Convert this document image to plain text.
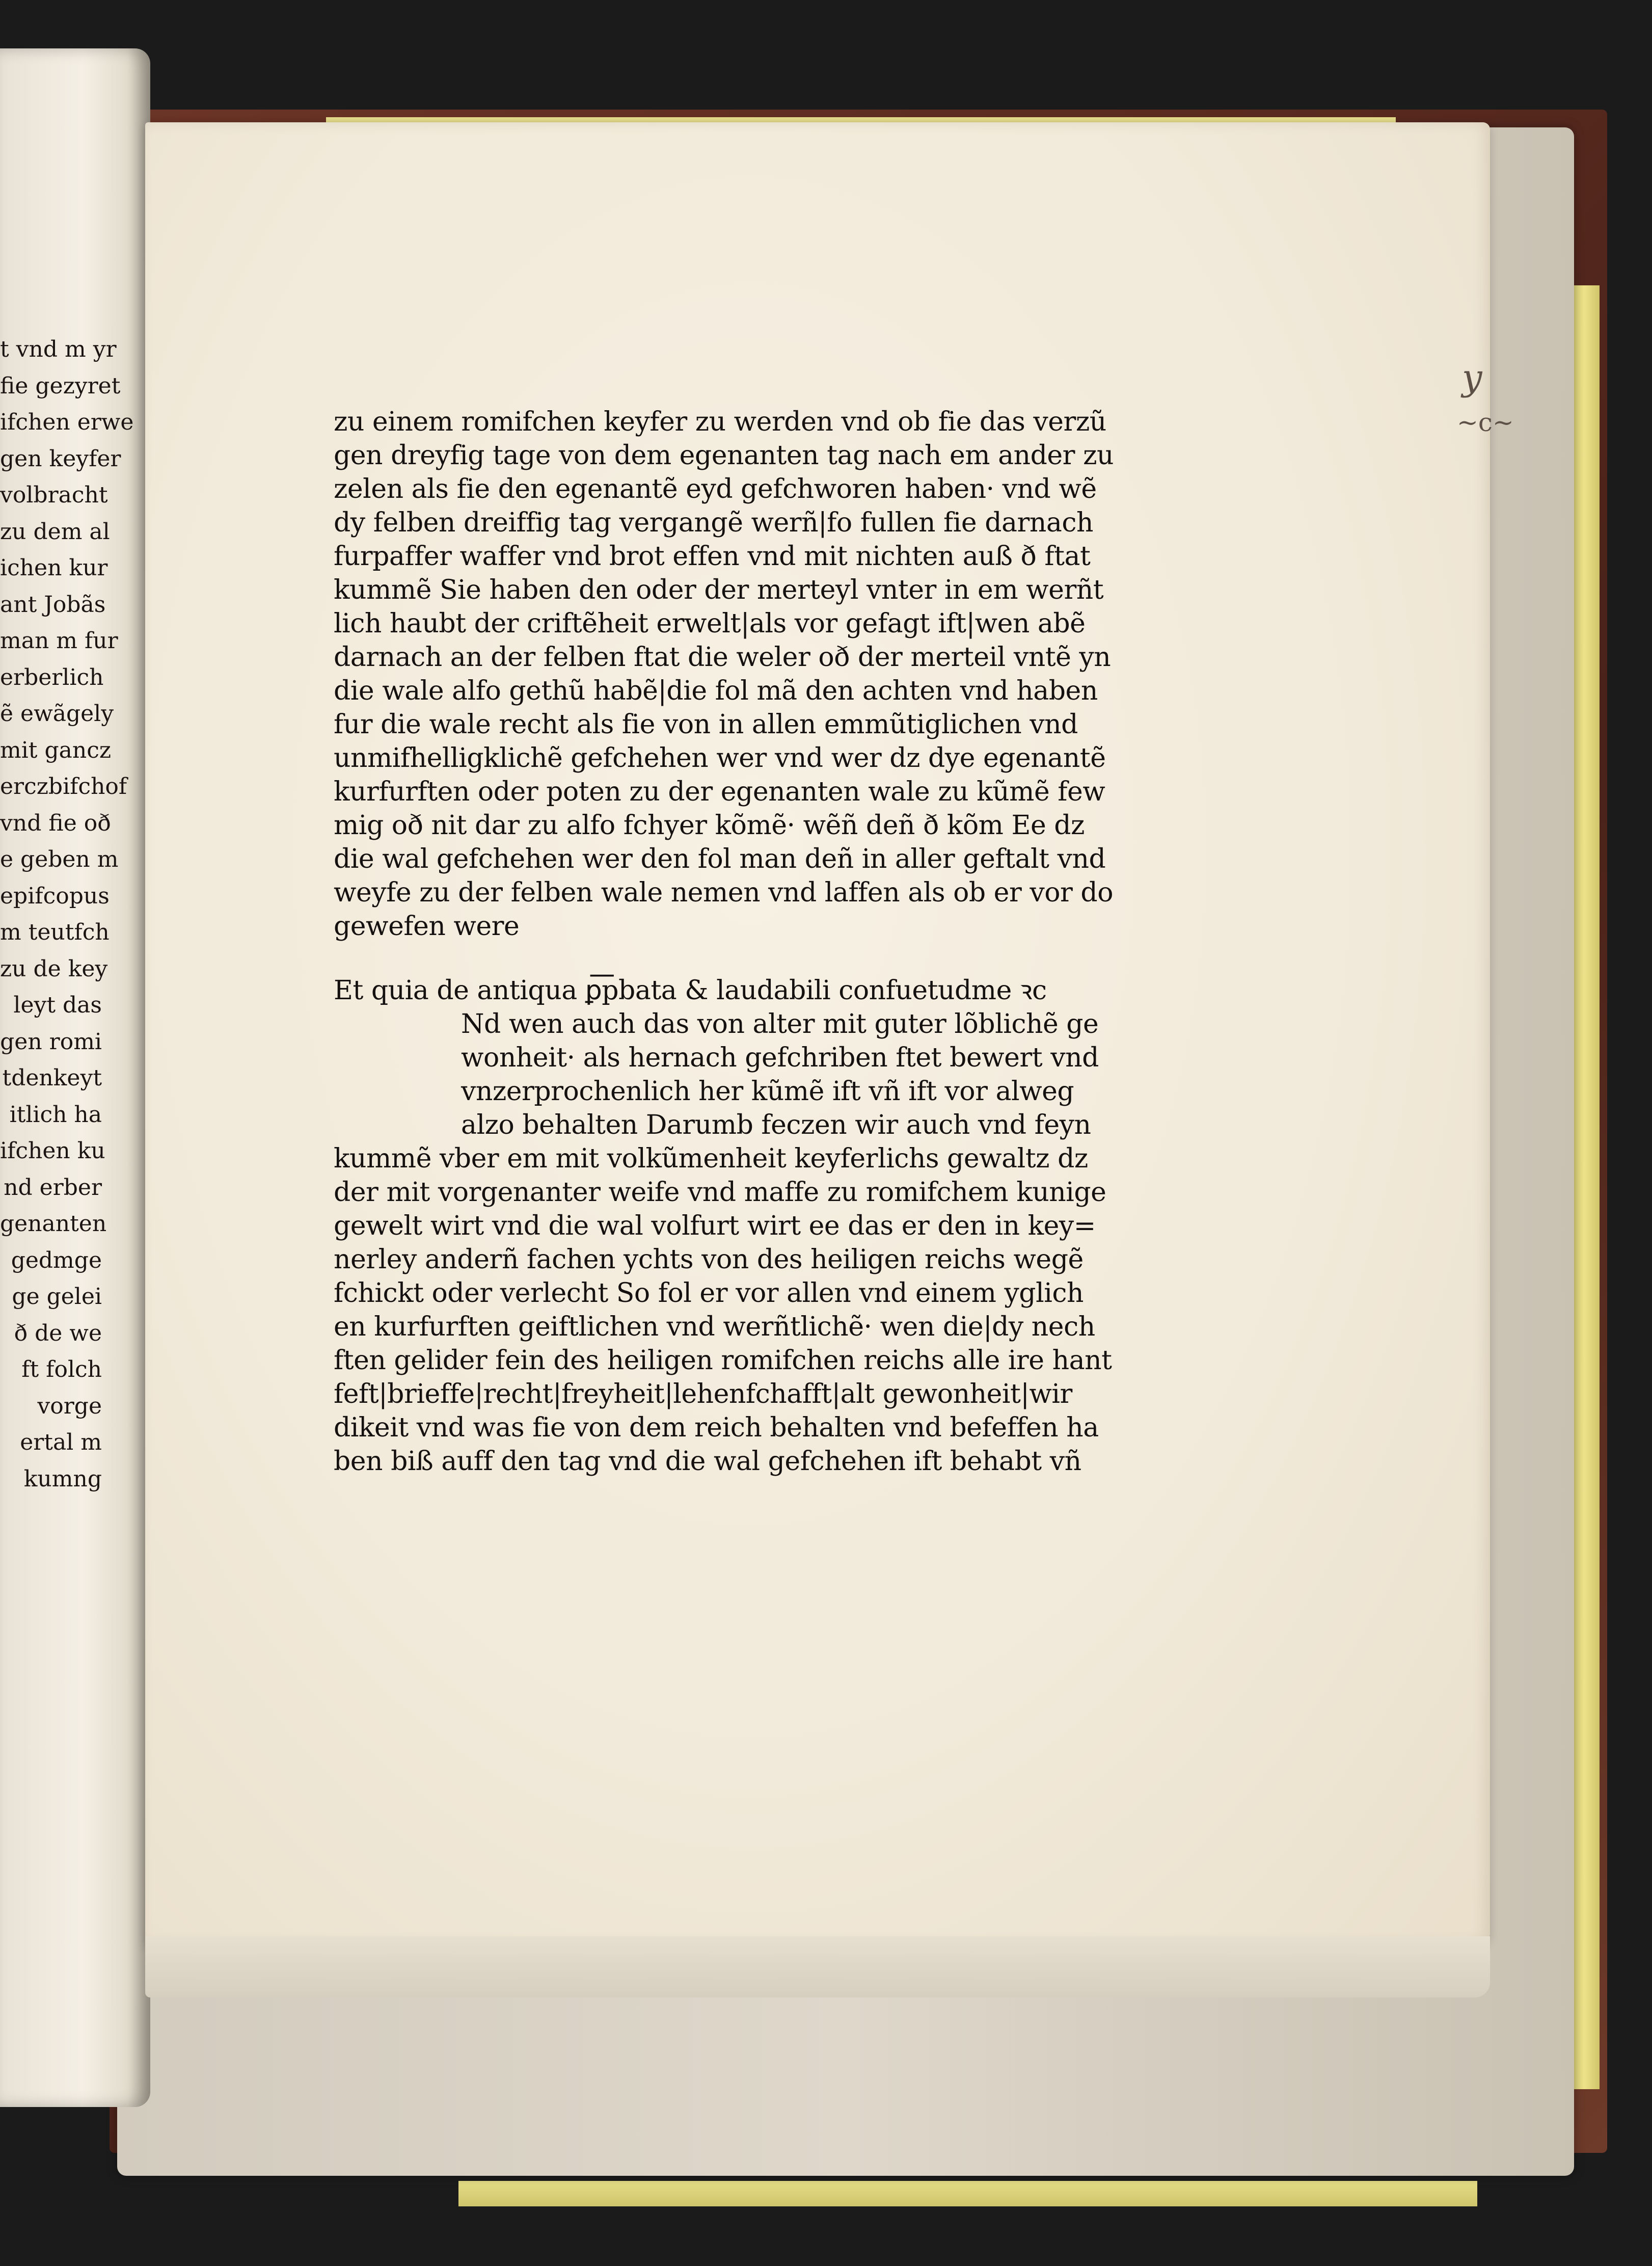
t vnd m yr
fie gezyret
ifchen erwe
gen keyfer
volbracht
zu dem al
ichen kur
ant Jobãs
man m fur
erberlich
ẽ ewãgely
mit gancz
erczbifchof
vnd fie oð
e geben m
epifcopus
m teutfch
zu de key
leyt das
gen romi
tdenkeyt
itlich ha
ifchen ku
nd erber
genanten
gedmge
ge gelei
ð de we
ft folch
vorge
ertal m
kumng
y
~c~
zu einem romifchen keyfer zu werden vnd ob fie das verzũ
gen dreyfig tage von dem egenanten tag nach em ander zu
zelen als fie den egenantẽ eyd gefchworen haben· vnd wẽ
dy felben dreiffig tag vergangẽ werñ|fo fullen fie darnach
furpaffer waffer vnd brot effen vnd mit nichten auß ð ftat
kummẽ Sie haben den oder der merteyl vnter in em werñt
lich haubt der criftẽheit erwelt|als vor gefagt ift|wen abẽ
darnach an der felben ftat die weler oð der merteil vntẽ yn
die wale alfo gethũ habẽ|die fol mã den achten vnd haben
fur die wale recht als fie von in allen emmũtiglichen vnd
unmifhelligklichẽ gefchehen wer vnd wer dz dye egenantẽ
kurfurften oder poten zu der egenanten wale zu kũmẽ few
mig oð nit dar zu alfo fchyer kõmẽ· wẽñ deñ ð kõm Ee dz
die wal gefchehen wer den fol man deñ in aller geftalt vnd
weyfe zu der felben wale nemen vnd laffen als ob er vor do
gewefen were
Et quia de antiqua ꝑ͞pbata & laudabili confuetudme ꝛc
Nd wen auch das von alter mit guter lõblichẽ ge
wonheit· als hernach gefchriben ftet bewert vnd
vnzerprochenlich her kũmẽ ift vñ ift vor alweg
alzo behalten Darumb feczen wir auch vnd feyn
kummẽ vber em mit volkũmenheit keyferlichs gewaltz dz
der mit vorgenanter weife vnd maffe zu romifchem kunige
gewelt wirt vnd die wal volfurt wirt ee das er den in key=
nerley anderñ fachen ychts von des heiligen reichs wegẽ
fchickt oder verlecht So fol er vor allen vnd einem yglich
en kurfurften geiftlichen vnd werñtlichẽ· wen die|dy nech
ften gelider fein des heiligen romifchen reichs alle ire hant
feft|brieffe|recht|freyheit|lehenfchafft|alt gewonheit|wir
dikeit vnd was fie von dem reich behalten vnd befeffen ha
ben biß auff den tag vnd die wal gefchehen ift behabt vñ
